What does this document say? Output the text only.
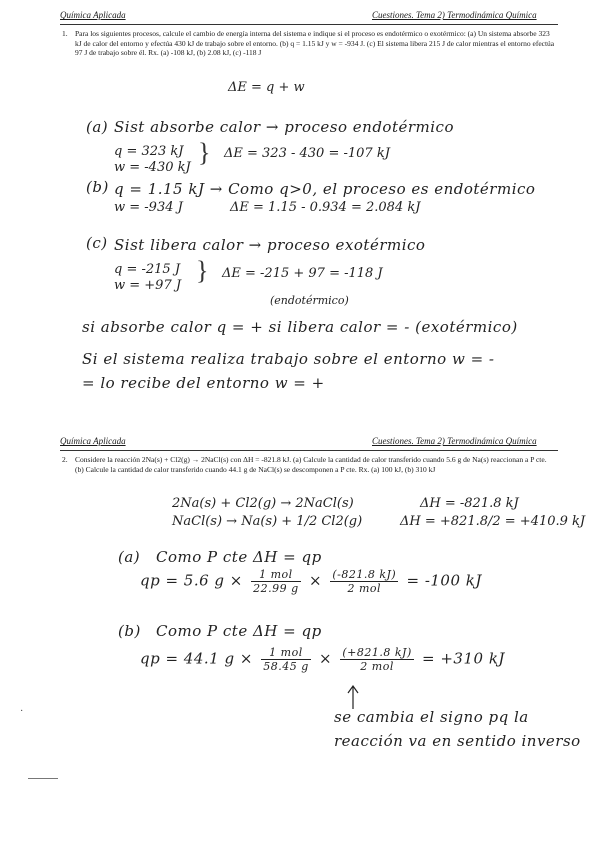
Química Aplicada	Cuestiones. Tema 2) Termodinámica Química
1. Para los siguientes procesos, calcule el cambio de energía interna del sistema e indique si el proceso es endotérmico o exotérmico: (a) Un sistema absorbe 323 kJ de calor del entorno y efectúa 430 kJ de trabajo sobre el entorno. (b) q = 1.15 kJ y w = -934 J. (c) El sistema libera 215 J de calor mientras el entorno efectúa 97 J de trabajo sobre él. Rx. (a) -108 kJ, (b) 2.08 kJ, (c) -118 J
ΔE = q + w
(a) Sist absorbe calor → proceso endotérmico
q = 323 kJ
w = -430 kJ
} ΔE = 323 - 430 = -107 kJ
(b) q = 1.15 kJ → Como q>0, el proceso es endotérmico
w = -934 J	ΔE = 1.15 - 0.934 = 2.084 kJ
(c) Sist libera calor → proceso exotérmico
q = -215 J
w = +97 J
} ΔE = -215 + 97 = -118 J
(endotérmico)
si absorbe calor q = + si libera calor = - (exotérmico)
Si el sistema realiza trabajo sobre el entorno w = -
= lo recibe del entorno w = +
Química Aplicada	Cuestiones. Tema 2) Termodinámica Química
2. Considere la reacción 2Na(s) + Cl2(g) → 2NaCl(s) con ΔH = -821.8 kJ. (a) Calcule la cantidad de calor transferido cuando 5.6 g de Na(s) reaccionan a P cte. (b) Calcule la cantidad de calor transferido cuando 44.1 g de NaCl(s) se descomponen a P cte. Rx. (a) 100 kJ, (b) 310 kJ
2Na(s) + Cl2(g) → 2NaCl(s)	ΔH = -821.8 kJ
NaCl(s) → Na(s) + 1/2 Cl2(g)	ΔH = +821.8/2 = +410.9 kJ
(a) Como P cte ΔH = qp
qp = 5.6 $g \times \frac{\text{1 mol}}{22.99 g} \times \frac{(-821.8 kJ)}{\text{2 mol}} = -100$ kJ
(b) Como P cte ΔH = qp
qp = 44.1 $g \times \frac{\text{1 mol}}{58.45 g} \times \frac{(+821.8 kJ)}{\text{2 mol}} = +310$ kJ
se cambia el signo pq la
reacción va en sentido inverso
·
